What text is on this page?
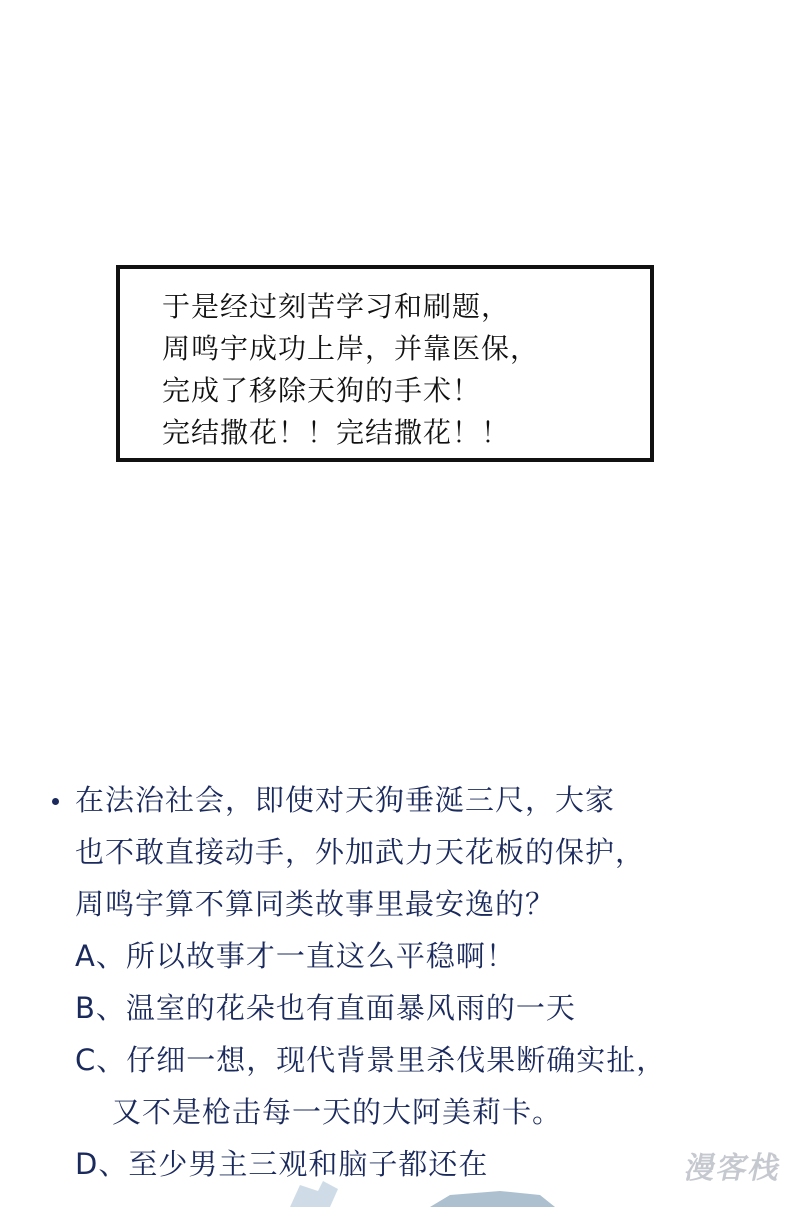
于是经过刻苦学习和刷题，
周鸣宇成功上岸，并靠医保，
完成了移除天狗的手术！
完结撒花！！完结撒花！！
在法治社会，即使对天狗垂涎三尺，大家
也不敢直接动手，外加武力天花板的保护，
周鸣宇算不算同类故事里最安逸的？
A、所以故事才一直这么平稳啊！
B、温室的花朵也有直面暴风雨的一天
C、仔细一想，现代背景里杀伐果断确实扯，
又不是枪击每一天的大阿美莉卡。
D、至少男主三观和脑子都还在	漫客栈
